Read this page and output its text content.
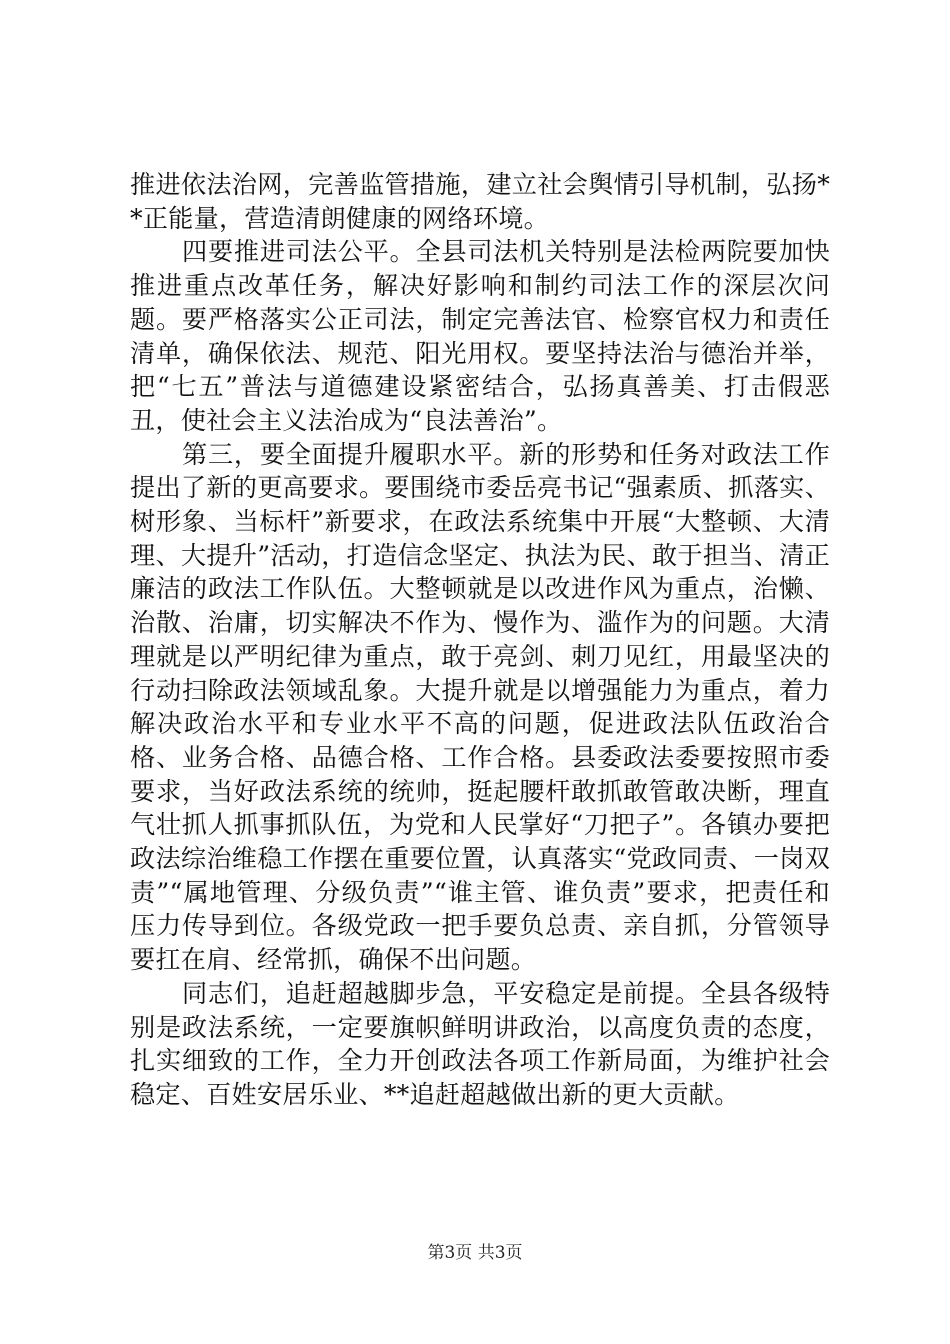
推进依法治网，完善监管措施，建立社会舆情引导机制，弘扬**正能量，营造清朗健康的网络环境。

四要推进司法公平。全县司法机关特别是法检两院要加快推进重点改革任务，解决好影响和制约司法工作的深层次问题。要严格落实公正司法，制定完善法官、检察官权力和责任清单，确保依法、规范、阳光用权。要坚持法治与德治并举，把“七五”普法与道德建设紧密结合，弘扬真善美、打击假恶丑，使社会主义法治成为“良法善治”。

第三，要全面提升履职水平。新的形势和任务对政法工作提出了新的更高要求。要围绕市委岳亮书记“强素质、抓落实、树形象、当标杆”新要求，在政法系统集中开展“大整顿、大清理、大提升”活动，打造信念坚定、执法为民、敢于担当、清正廉洁的政法工作队伍。大整顿就是以改进作风为重点，治懒、治散、治庸，切实解决不作为、慢作为、滥作为的问题。大清理就是以严明纪律为重点，敢于亮剑、刺刀见红，用最坚决的行动扫除政法领域乱象。大提升就是以增强能力为重点，着力解决政治水平和专业水平不高的问题，促进政法队伍政治合格、业务合格、品德合格、工作合格。县委政法委要按照市委要求，当好政法系统的统帅，挺起腰杆敢抓敢管敢决断，理直气壮抓人抓事抓队伍，为党和人民掌好“刀把子”。各镇办要把政法综治维稳工作摆在重要位置，认真落实“党政同责、一岗双责”“属地管理、分级负责”“谁主管、谁负责”要求，把责任和压力传导到位。各级党政一把手要负总责、亲自抓，分管领导要扛在肩、经常抓，确保不出问题。

同志们，追赶超越脚步急，平安稳定是前提。全县各级特别是政法系统，一定要旗帜鲜明讲政治，以高度负责的态度，扎实细致的工作，全力开创政法各项工作新局面，为维护社会稳定、百姓安居乐业、**追赶超越做出新的更大贡献。

第3页 共3页
